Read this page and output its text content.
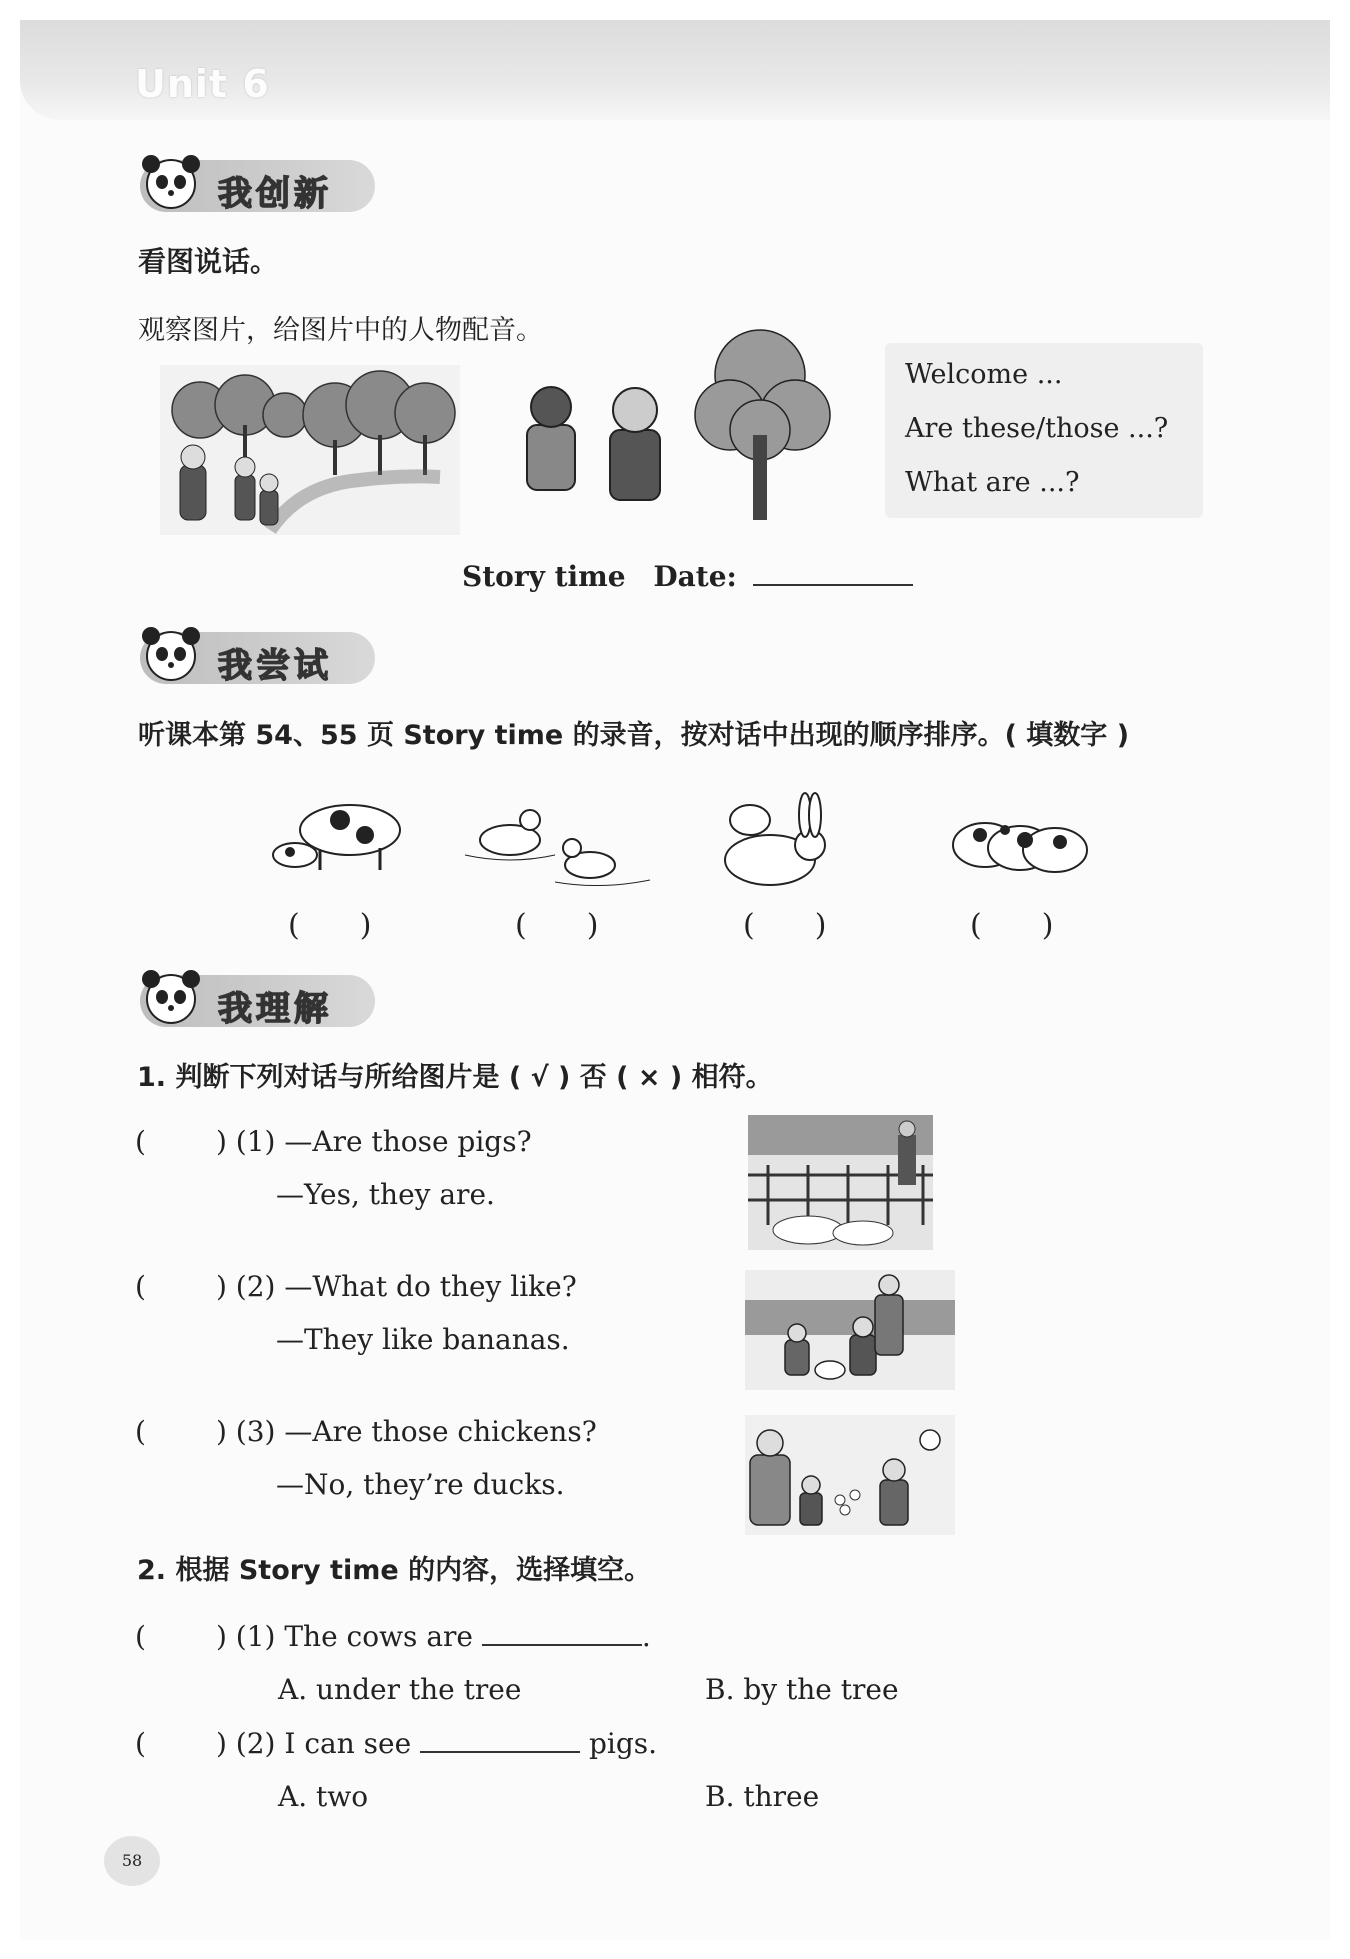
Unit 6
我创新
看图说话。
观察图片，给图片中的人物配音。
Welcome ...
Are these/those ...?
What are ...?
Story time Date:
我尝试
听课本第 54、55 页 Story time 的录音，按对话中出现的顺序排序。( 填数字 )
(　　)	(　　)	(　　)	(　　)
我理解
1. 判断下列对话与所给图片是 ( √ ) 否 ( × ) 相符。
(	) (1) —Are those pigs?
—Yes, they are.
(	) (2) —What do they like?
—They like bananas.
(	) (3) —Are those chickens?
—No, they’re ducks.
2. 根据 Story time 的内容，选择填空。
(	) (1) The cows are	.
A. under the tree	B. by the tree
(	) (2) I can see	pigs.
A. two	B. three
58
